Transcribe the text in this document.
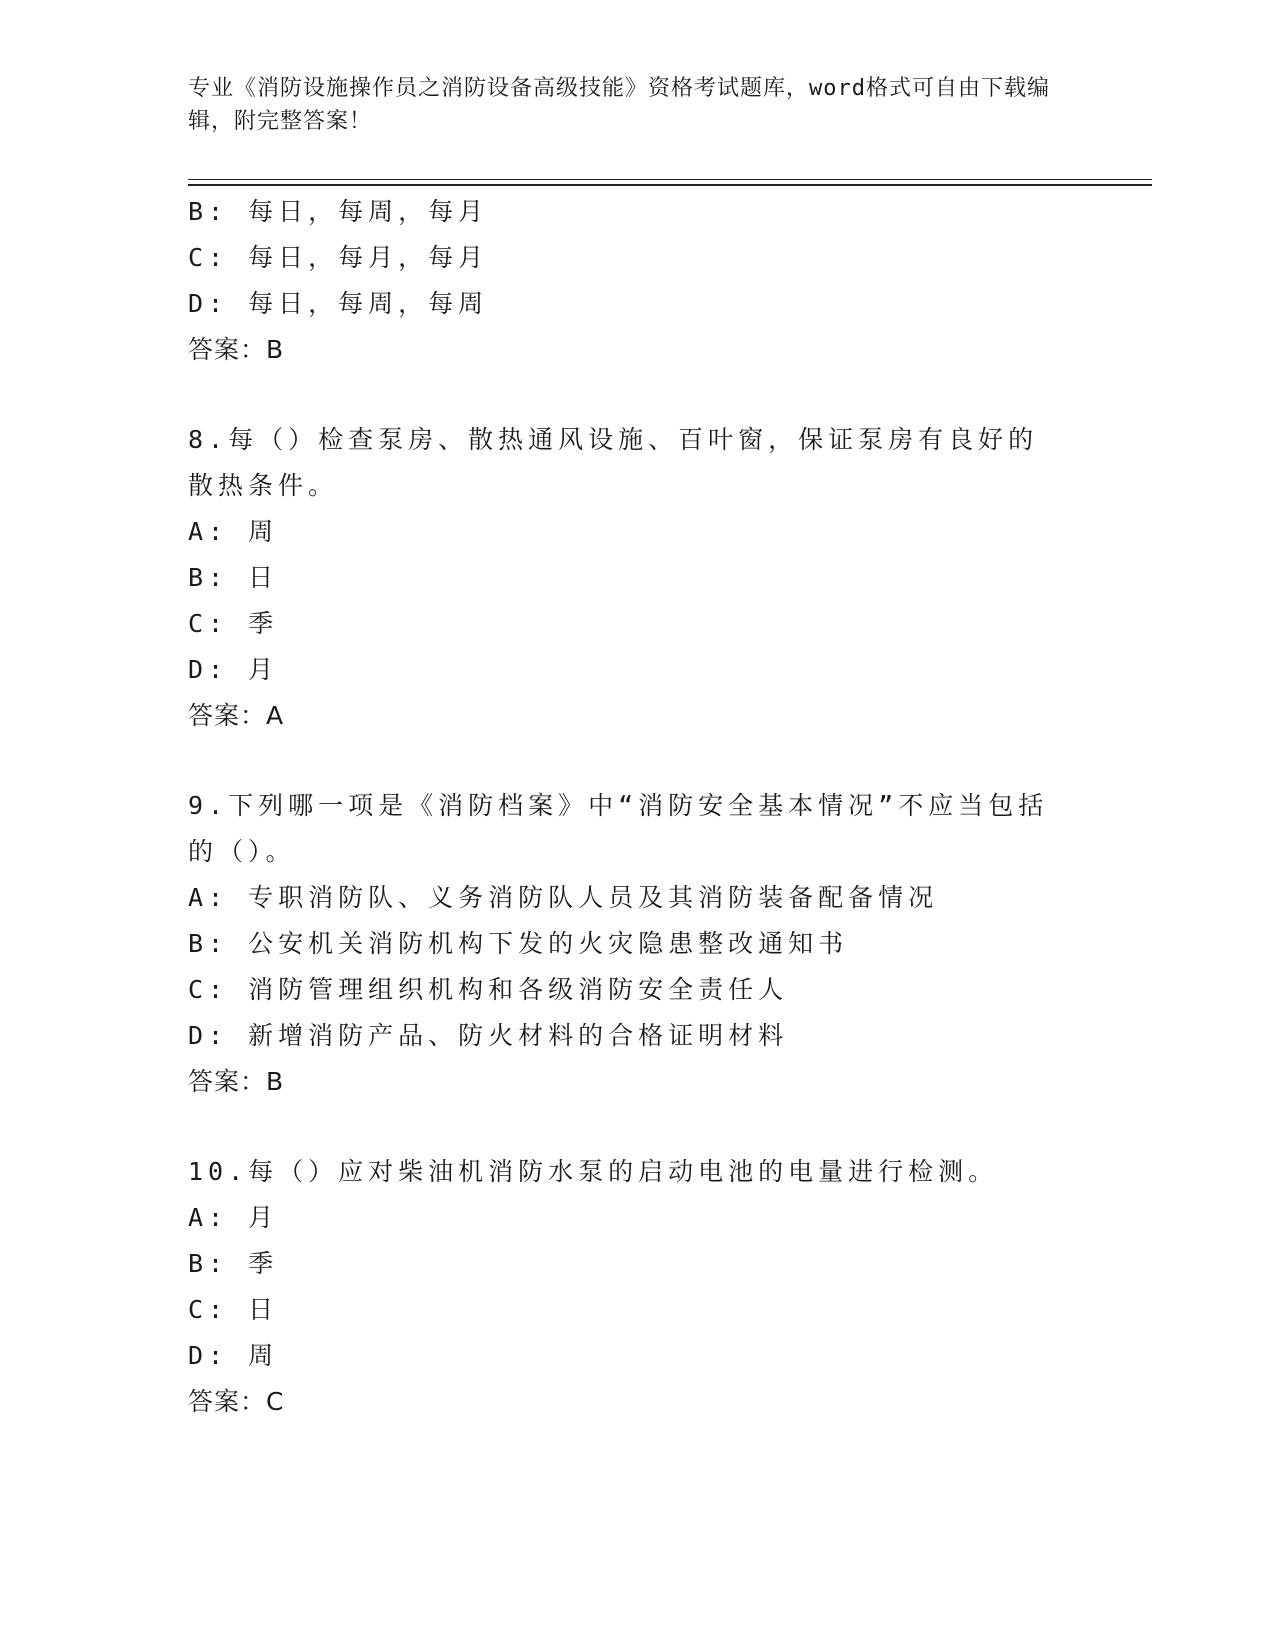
专业《消防设施操作员之消防设备高级技能》资格考试题库，word格式可自由下载编辑，附完整答案！
B: 每日，每周，每月
C: 每日，每月，每月
D: 每日，每周，每周
答案：B
8.每（）检查泵房、散热通风设施、百叶窗，保证泵房有良好的散热条件。
A: 周
B: 日
C: 季
D: 月
答案：A
9.下列哪一项是《消防档案》中“消防安全基本情况”不应当包括的（）。
A: 专职消防队、义务消防队人员及其消防装备配备情况
B: 公安机关消防机构下发的火灾隐患整改通知书
C: 消防管理组织机构和各级消防安全责任人
D: 新增消防产品、防火材料的合格证明材料
答案：B
10.每（）应对柴油机消防水泵的启动电池的电量进行检测。
A: 月
B: 季
C: 日
D: 周
答案：C
